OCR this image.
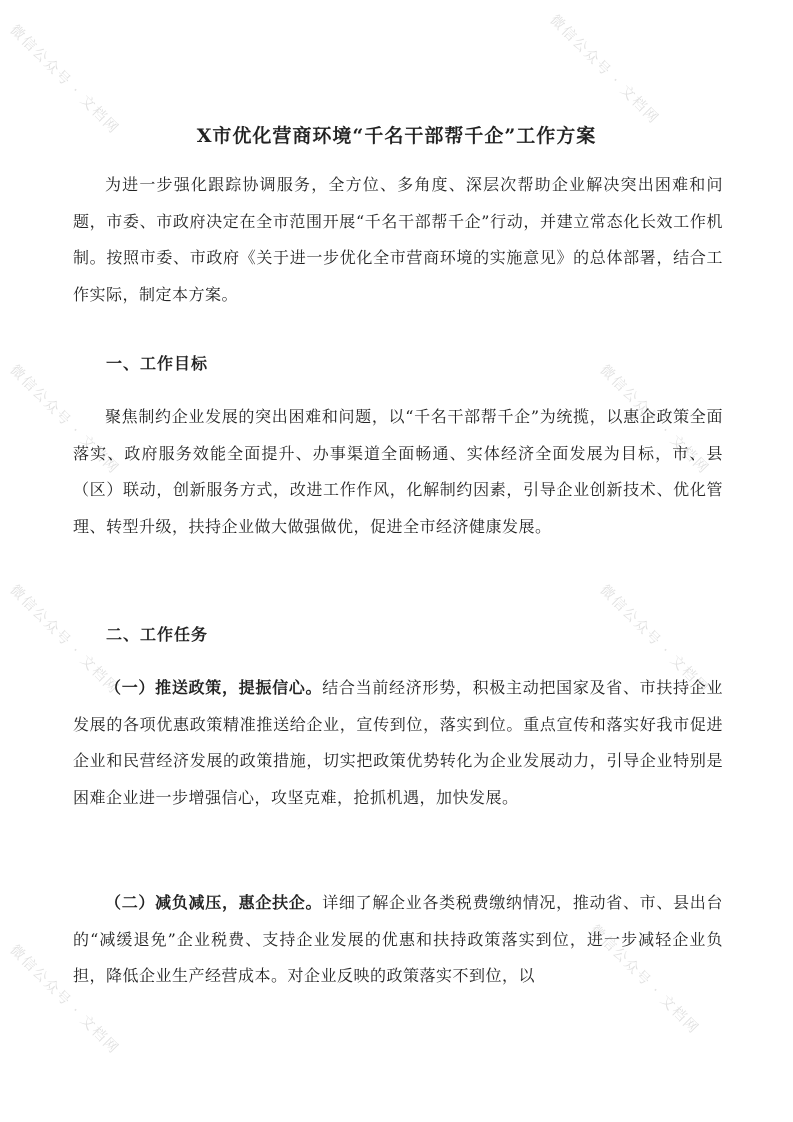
微信公众号 · 文档网	微信公众号 · 文档网
微信公众号 · 文档网	微信公众号 · 文档网
微信公众号 · 文档网	微信公众号 · 文档网
微信公众号 · 文档网	微信公众号 · 文档网
X市优化营商环境“千名干部帮千企”工作方案

为进一步强化跟踪协调服务，全方位、多角度、深层次帮助企业解决突出困难和问题，市委、市政府决定在全市范围开展“千名干部帮千企”行动，并建立常态化长效工作机制。按照市委、市政府《关于进一步优化全市营商环境的实施意见》的总体部署，结合工作实际，制定本方案。

一、工作目标

聚焦制约企业发展的突出困难和问题，以“千名干部帮千企”为统揽，以惠企政策全面落实、政府服务效能全面提升、办事渠道全面畅通、实体经济全面发展为目标，市、县（区）联动，创新服务方式，改进工作作风，化解制约因素，引导企业创新技术、优化管理、转型升级，扶持企业做大做强做优，促进全市经济健康发展。

二、工作任务

（一）推送政策，提振信心。结合当前经济形势，积极主动把国家及省、市扶持企业发展的各项优惠政策精准推送给企业，宣传到位，落实到位。重点宣传和落实好我市促进企业和民营经济发展的政策措施，切实把政策优势转化为企业发展动力，引导企业特别是困难企业进一步增强信心，攻坚克难，抢抓机遇，加快发展。

（二）减负减压，惠企扶企。详细了解企业各类税费缴纳情况，推动省、市、县出台的“减缓退免”企业税费、支持企业发展的优惠和扶持政策落实到位，进一步减轻企业负担，降低企业生产经营成本。对企业反映的政策落实不到位，以
